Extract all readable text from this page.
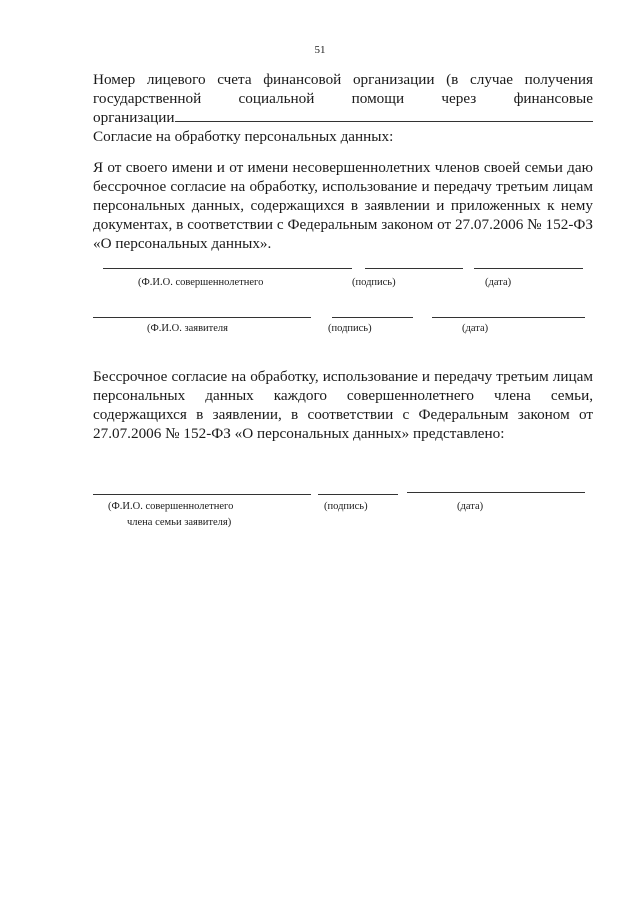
51
Номер лицевого счета финансовой организации (в случае получения
государственной социальной помощи через финансовые
организации
Согласие на обработку персональных данных:
Я от своего имени и от имени несовершеннолетних членов своей семьи даю
бессрочное согласие на обработку, использование и передачу третьим лицам
персональных данных, содержащихся в заявлении и приложенных к нему
документах, в соответствии с Федеральным законом от 27.07.2006 № 152-ФЗ
«О персональных данных».
(Ф.И.О. совершеннолетнего	(подпись)	(дата)
(Ф.И.О. заявителя	(подпись)	(дата)
Бессрочное согласие на обработку, использование и передачу третьим лицам
персональных данных каждого совершеннолетнего члена семьи,
содержащихся в заявлении, в соответствии с Федеральным законом от
27.07.2006 № 152-ФЗ «О персональных данных» представлено:
(Ф.И.О. совершеннолетнего
члена семьи заявителя)
(подпись)	(дата)
